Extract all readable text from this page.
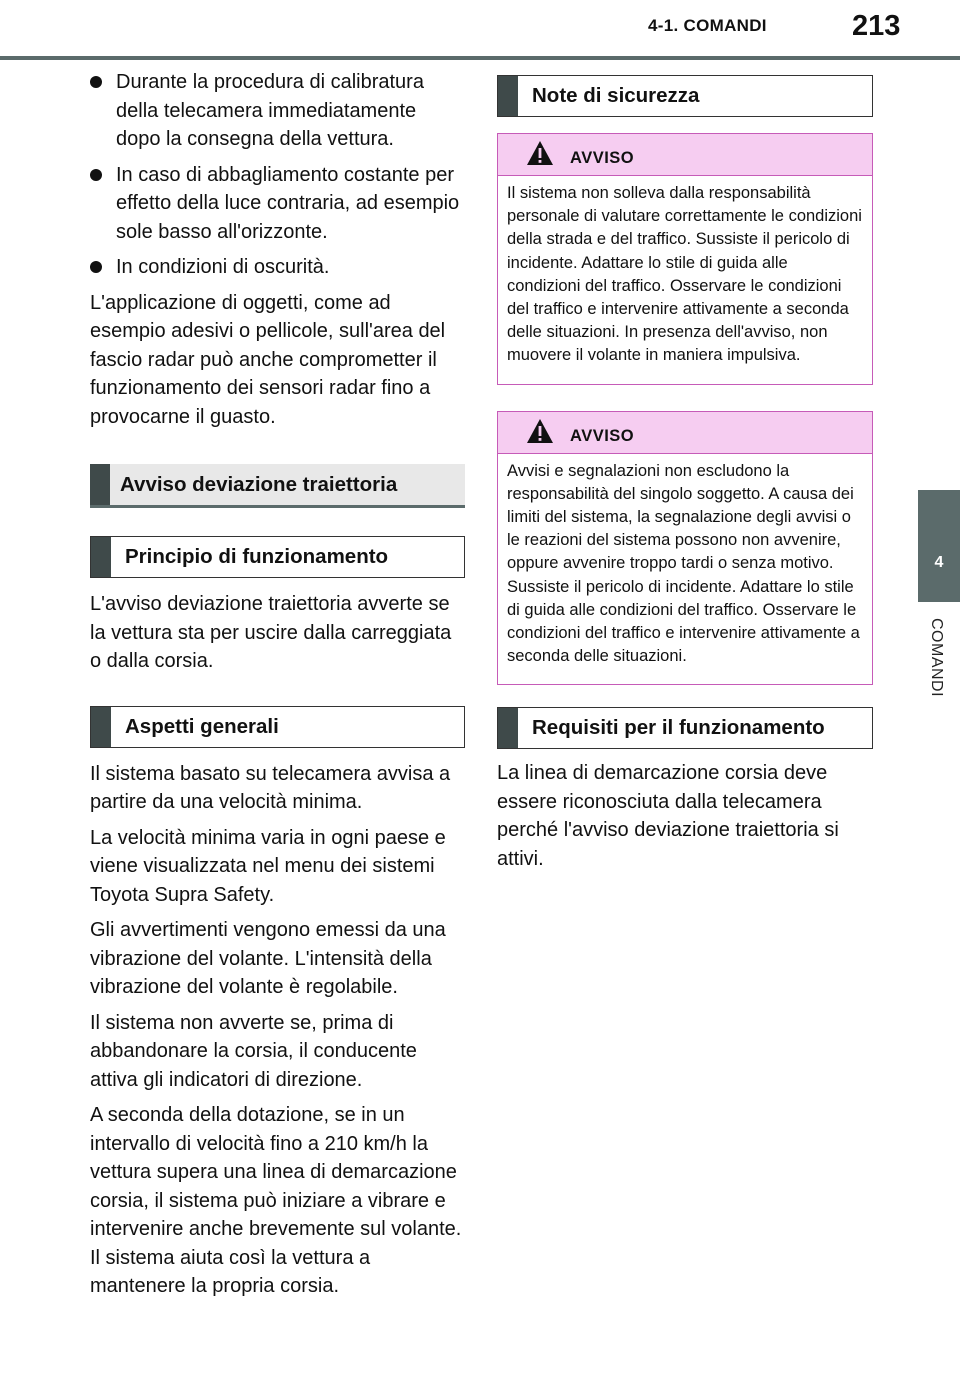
4-1. COMANDI	213
4
COMANDI
Durante la procedura di calibratura della telecamera immediatamente dopo la consegna della vettura.
In caso di abbagliamento costante per effetto della luce contraria, ad esempio sole basso all'orizzonte.
In condizioni di oscurità.

L'applicazione di oggetti, come ad esempio adesivi o pellicole, sull'area del fascio radar può anche comprometter il funzionamento dei sensori radar fino a provocarne il guasto.

Avviso deviazione traiettoria
Principio di funzionamento

L'avviso deviazione traiettoria avverte se la vettura sta per uscire dalla carreggiata o dalla corsia.

Aspetti generali

Il sistema basato su telecamera avvisa a partire da una velocità minima.

La velocità minima varia in ogni paese e viene visualizzata nel menu dei sistemi Toyota Supra Safety.

Gli avvertimenti vengono emessi da una vibrazione del volante. L'intensità della vibrazione del volante è regolabile.

Il sistema non avverte se, prima di abbandonare la corsia, il conducente attiva gli indicatori di direzione.

A seconda della dotazione, se in un intervallo di velocità fino a 210 km/h la vettura supera una linea di demarcazione corsia, il sistema può iniziare a vibrare e intervenire anche brevemente sul volante. Il sistema aiuta così la vettura a mantenere la propria corsia.

Note di sicurezza
AVVISO
Il sistema non solleva dalla responsabilità personale di valutare correttamente le condizioni della strada e del traffico. Sussiste il pericolo di incidente. Adattare lo stile di guida alle condizioni del traffico. Osservare le condizioni del traffico e intervenire attivamente a seconda delle situazioni. In presenza dell'avviso, non muovere il volante in maniera impulsiva.
AVVISO
Avvisi e segnalazioni non escludono la responsabilità del singolo soggetto. A causa dei limiti del sistema, la segnalazione degli avvisi o le reazioni del sistema possono non avvenire, oppure avvenire troppo tardi o senza motivo. Sussiste il pericolo di incidente. Adattare lo stile di guida alle condizioni del traffico. Osservare le condizioni del traffico e intervenire attivamente a seconda delle situazioni.
Requisiti per il funzionamento

La linea di demarcazione corsia deve essere riconosciuta dalla telecamera perché l'avviso deviazione traiettoria si attivi.
